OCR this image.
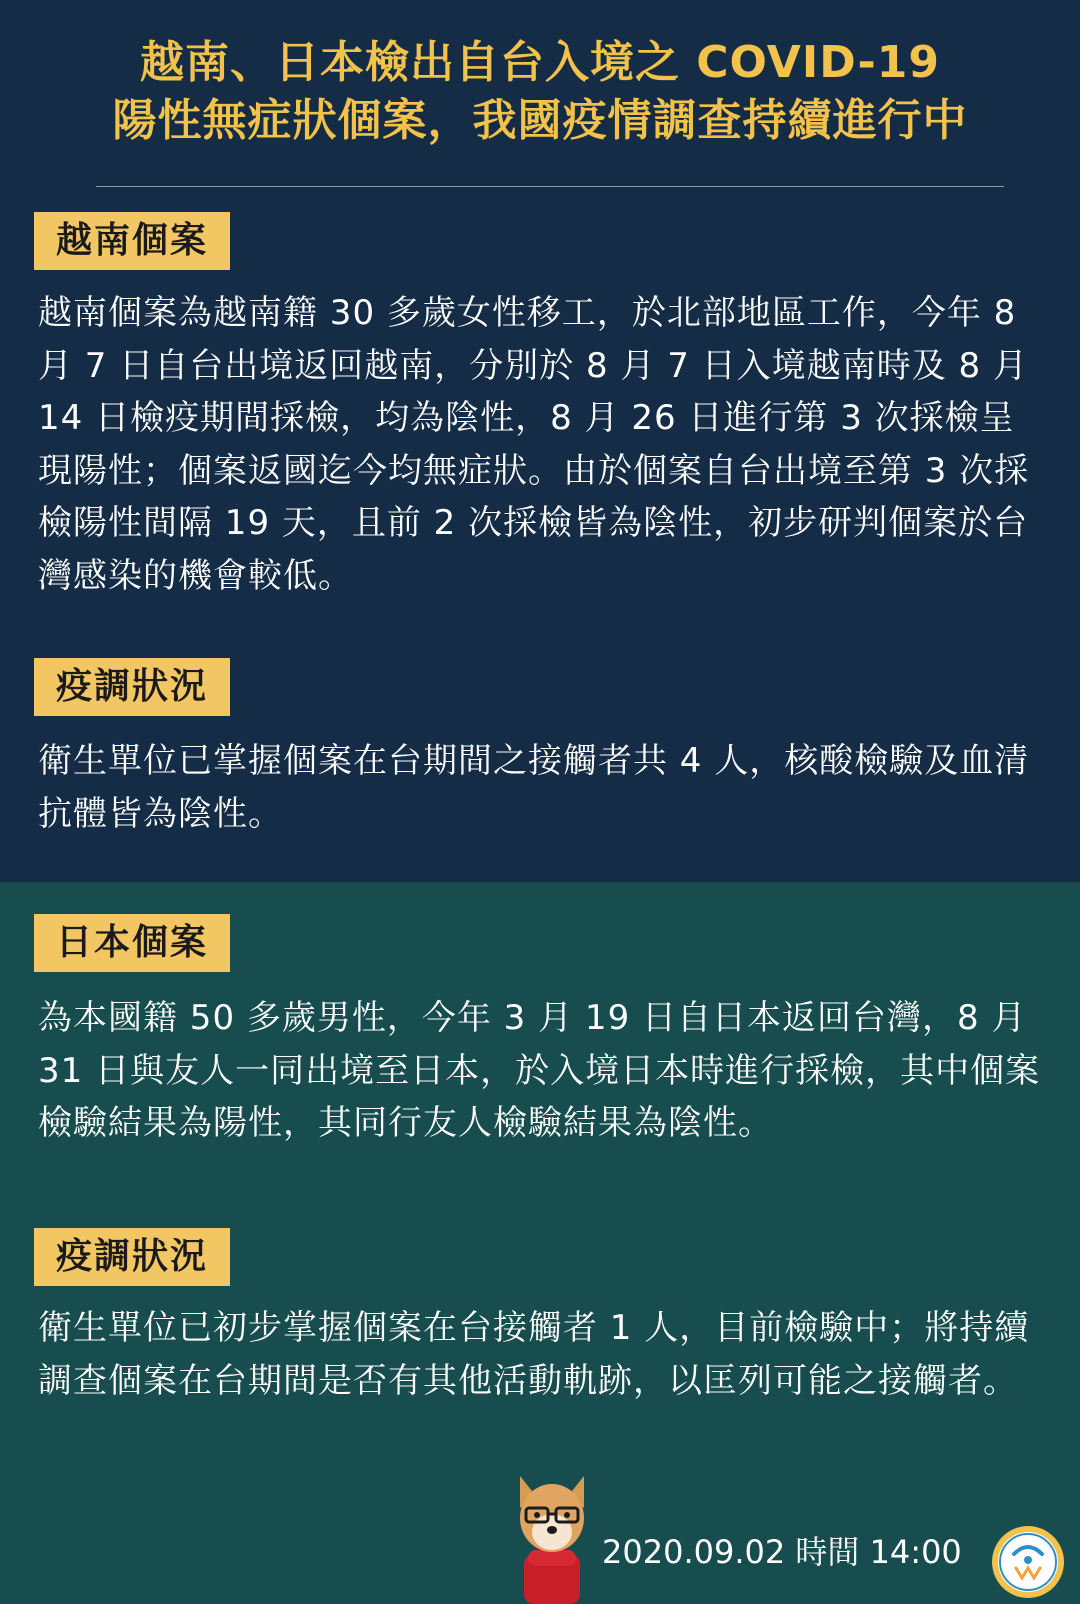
越南、日本檢出自台入境之 COVID-19
陽性無症狀個案，我國疫情調查持續進行中
越南個案
越南個案為越南籍 30 多歲女性移工，於北部地區工作，今年 8 月 7 日自台出境返回越南，分別於 8 月 7 日入境越南時及 8 月 14 日檢疫期間採檢，均為陰性，8 月 26 日進行第 3 次採檢呈現陽性；個案返國迄今均無症狀。由於個案自台出境至第 3 次採檢陽性間隔 19 天，且前 2 次採檢皆為陰性，初步研判個案於台灣感染的機會較低。
疫調狀況
衛生單位已掌握個案在台期間之接觸者共 4 人，核酸檢驗及血清抗體皆為陰性。
日本個案
為本國籍 50 多歲男性，今年 3 月 19 日自日本返回台灣，8 月 31 日與友人一同出境至日本，於入境日本時進行採檢，其中個案檢驗結果為陽性，其同行友人檢驗結果為陰性。
疫調狀況
衛生單位已初步掌握個案在台接觸者 1 人，目前檢驗中；將持續調查個案在台期間是否有其他活動軌跡，以匡列可能之接觸者。
2020.09.02 時間 14:00
